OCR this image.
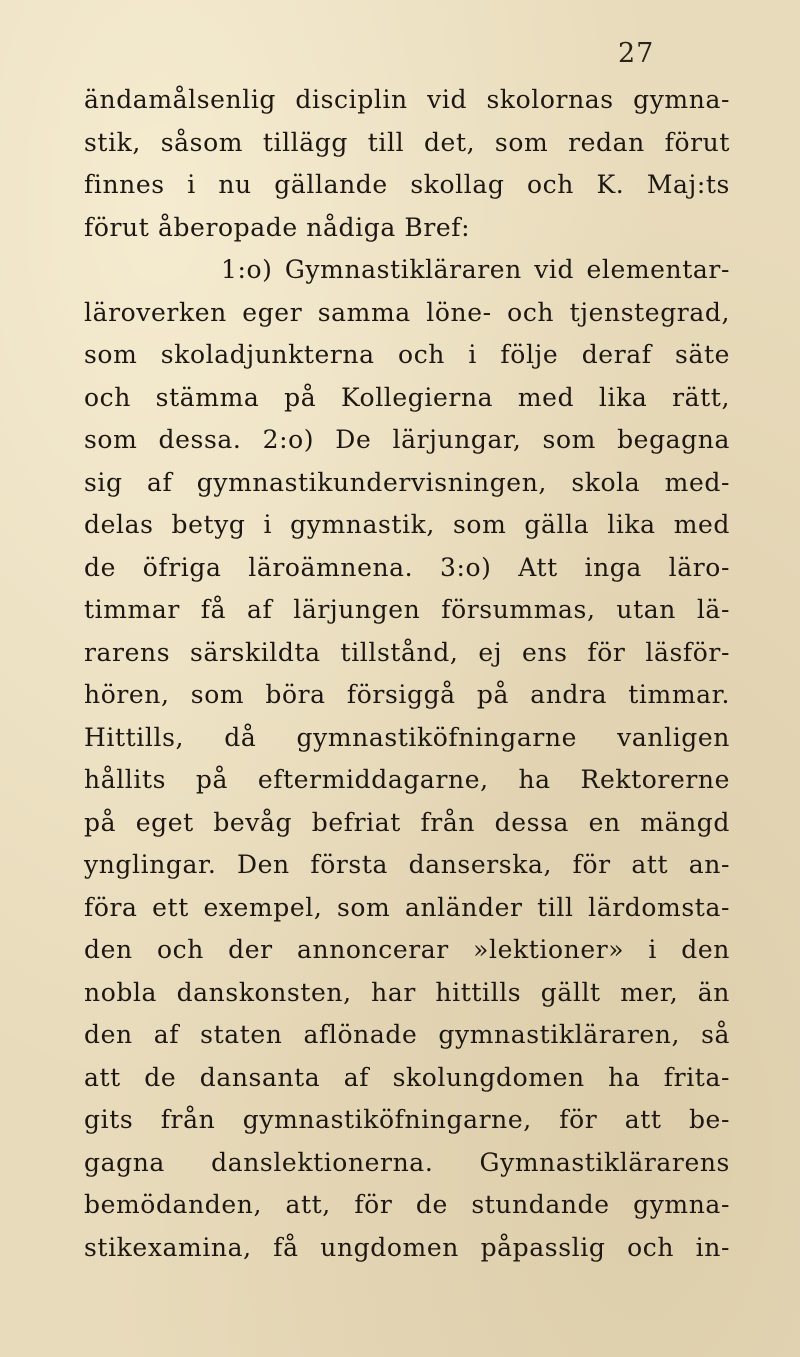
27
ändamålsenlig disciplin vid skolornas gymna-
stik, såsom tillägg till det, som redan förut
finnes i nu gällande skollag och K. Maj:ts
förut åberopade nådiga Bref:
1:o) Gymnastikläraren vid elementar-
läroverken eger samma löne- och tjenstegrad,
som skoladjunkterna och i följe deraf säte
och stämma på Kollegierna med lika rätt,
som dessa. 2:o) De lärjungar, som begagna
sig af gymnastikundervisningen, skola med-
delas betyg i gymnastik, som gälla lika med
de öfriga läroämnena. 3:o) Att inga läro-
timmar få af lärjungen försummas, utan lä-
rarens särskildta tillstånd, ej ens för läsför-
hören, som böra försiggå på andra timmar.
Hittills, då gymnastiköfningarne vanligen
hållits på eftermiddagarne, ha Rektorerne
på eget bevåg befriat från dessa en mängd
ynglingar. Den första danserska, för att an-
föra ett exempel, som anländer till lärdomsta-
den och der annoncerar »lektioner» i den
nobla danskonsten, har hittills gällt mer, än
den af staten aflönade gymnastikläraren, så
att de dansanta af skolungdomen ha frita-
gits från gymnastiköfningarne, för att be-
gagna danslektionerna. Gymnastiklärarens
bemödanden, att, för de stundande gymna-
stikexamina, få ungdomen påpasslig och in-
